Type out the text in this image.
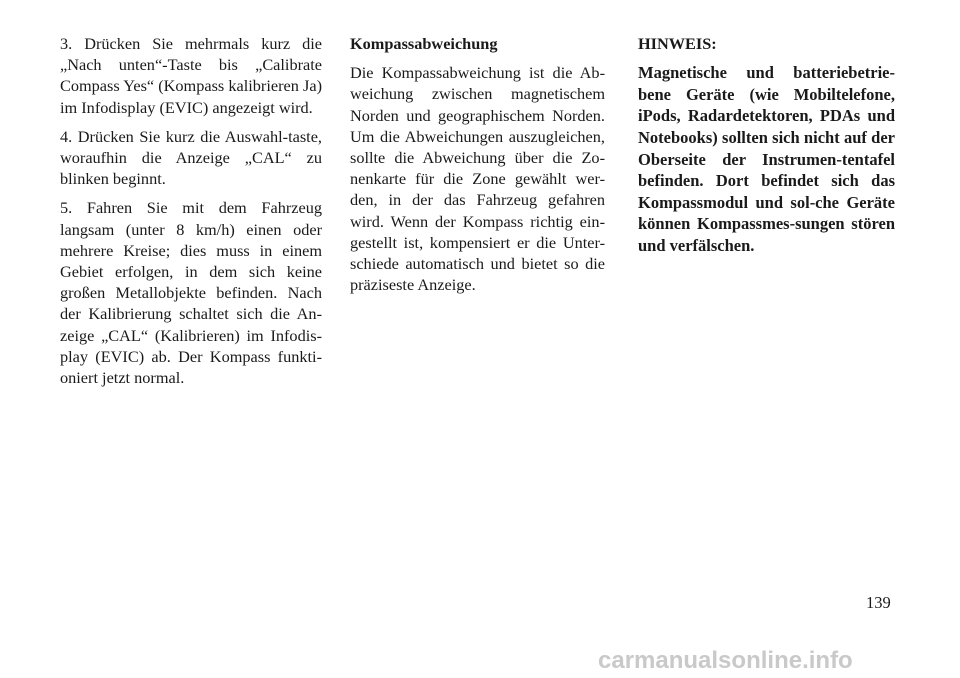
3. Drücken Sie mehrmals kurz die „Nach unten“-Taste bis „Calibrate Compass Yes“ (Kompass kalibrieren Ja) im Infodisplay (EVIC) angezeigt wird.

4. Drücken Sie kurz die Auswahl-taste, woraufhin die Anzeige „CAL“ zu blinken beginnt.

5. Fahren Sie mit dem Fahrzeug langsam (unter 8 km/h) einen oder mehrere Kreise; dies muss in einem Gebiet erfolgen, in dem sich keine großen Metallobjekte befinden. Nach der Kalibrierung schaltet sich die An-zeige „CAL“ (Kalibrieren) im Infodis-play (EVIC) ab. Der Kompass funkti-oniert jetzt normal.

Kompassabweichung

Die Kompassabweichung ist die Ab-weichung zwischen magnetischem Norden und geographischem Norden. Um die Abweichungen auszugleichen, sollte die Abweichung über die Zo-nenkarte für die Zone gewählt wer-den, in der das Fahrzeug gefahren wird. Wenn der Kompass richtig ein-gestellt ist, kompensiert er die Unter-schiede automatisch und bietet so die präziseste Anzeige.

HINWEIS:

Magnetische und batteriebetrie-bene Geräte (wie Mobiltelefone, iPods, Radardetektoren, PDAs und Notebooks) sollten sich nicht auf der Oberseite der Instrumen-tentafel befinden. Dort befindet sich das Kompassmodul und sol-che Geräte können Kompassmes-sungen stören und verfälschen.

139
carmanualsonline.info
